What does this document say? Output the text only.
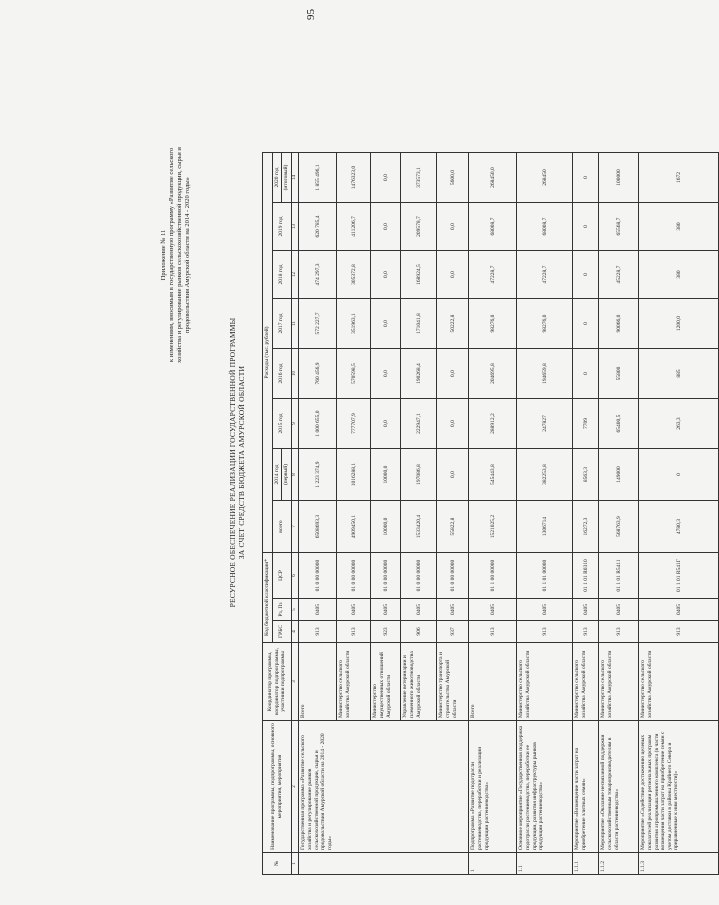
95
Приложение № 11 к изменениям, вносимым в государственную программу «Развитие сельского хозяйства и регулирование рынков сельскохозяйственной продукции, сырья и продовольствия Амурской области на 2014 - 2020 годы»
РЕСУРСНОЕ ОБЕСПЕЧЕНИЕ РЕАЛИЗАЦИИ ГОСУДАРСТВЕННОЙ ПРОГРАММЫ ЗА СЧЕТ СРЕДСТВ БЮДЖЕТА АМУРСКОЙ ОБЛАСТИ
№	Наименование программы, подпрограммы, основного мероприятия, мероприятия	Координатор программы, координатор подпрограммы, участники подпрограммы	Код бюджетной классификации*			Расходы (тыс. рублей)							
			ГРБС	Рз, Пз	ЦСР	всего	2014 год	2015 год	2016 год	2017 год	2018 год	2019 год	2020 год
							(первый)						(итоговый)
1	2	3	4	5	6	7	8	9	10	11	12	13	14
	Государственная программа «Развитие сельского хозяйства и регулирование рынков сельскохозяйственной продукции, сырья и продовольствия Амурской области на 2014 - 2020 годы»	Всего	913	0405	01 0 00 00000	6508693,3	1 223 374,9	1 000 655,0	760 456,9	572 227,7	474 297,3	620 785,4	1 855 496,1
		Министерство сельского хозяйства Амурской области	913	0405	01 0 00 00000	4909450,1	1016288,1	777707,9	570598,5	351963,1	305372,8	411206,7	1476323,0
		Министерство имущественных отношений Амурской области	923	0405	01 0 00 00000	10000,0	10000,0	0,0	0,0	0,0	0,0	0,0	0,0
		Управление ветеринарии и племенного животноводства Амурской области	906	0405	01 0 00 00000	1533420,4	197086,8	222947,1	190268,4	171041,8	168924,5	209578,7	373573,1
		Министерство транспорта и строительства Амурской области	937	0405	01 0 00 00000	55822,8	0,0	0,0	0,0	50222,8	0,0	0,0	5600,0
1	Подпрограмма «Развитие подотрасли растениеводства, переработки и реализации продукции растениеводства»	Всего	913	0405	01 1 00 00000	1521025,2	545443,8	288912,2	204695,8	98276,0	47228,7	68008,7	268450,0
1.1	Основное мероприятие «Государственная поддержка подотрасли растениеводства, переработки ее продукции, развития инфраструктуры рынков продукции растениеводства»	Министерство сельского хозяйства Амурской области	913	0405	01 1 01 00000	1306714	382253,8	247827	194659,8	98276,0	47228,7	68008,7	268450
1.1.1	Мероприятие «Возмещение части затрат на приобретение элитных семян»	Министерство сельского хозяйства Амурской области	913	0405	01 1 01 R0310	16272,3	8563,3	7709	0	0	0	0	0
1.1.2	Мероприятие «Оказание несвязанной поддержки сельскохозяйственным товаропроизводителям в области растениеводства»	Министерство сельского хозяйства Амурской области	913	0405	01 1 01 R5411	568763,9	149000	65400,5	55800	90066,0	45228,7	65568,7	100000
1.1.3	Мероприятие «Содействие достижению целевых показателей реализации региональных программ развития агропромышленного комплекса (в части возмещения части затрат на приобретение семян с учетом доставки в районы Крайнего Севера и приравненные к ним местности)»	Министерство сельского хозяйства Амурской области	913	0405	01 1 01 R541Г	4780,3	0	263,3	885	1200,0	380	380	1672
